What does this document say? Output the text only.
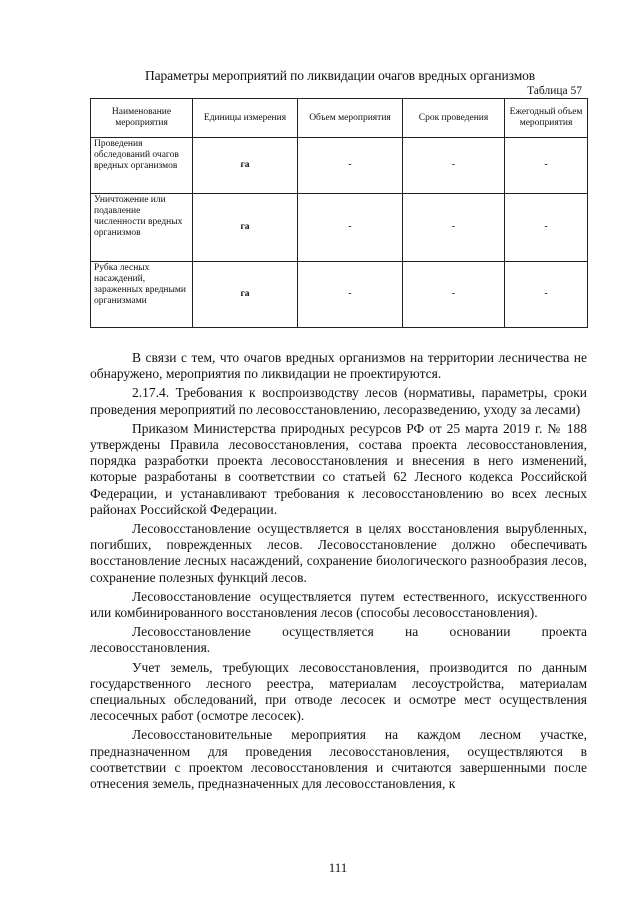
Параметры мероприятий по ликвидации очагов вредных организмов
Таблица 57
Наименование мероприятия	Единицы измерения	Объем мероприятия	Срок проведения	Ежегодный объем мероприятия
Проведения обследований очагов вредных организмов	га	-	-	-
Уничтожение или подавление численности вредных организмов	га	-	-	-
Рубка лесных насаждений, зараженных вредными организмами	га	-	-	-

В связи с тем, что очагов вредных организмов на территории лесничества не обнаружено, мероприятия по ликвидации не проектируются.

2.17.4. Требования к воспроизводству лесов (нормативы, параметры, сроки проведения мероприятий по лесовосстановлению, лесоразведению, уходу за лесами)

Приказом Министерства природных ресурсов РФ от 25 марта 2019 г. № 188 утверждены Правила лесовосстановления, состава проекта лесовосстановления, порядка разработки проекта лесовосстановления и внесения в него изменений, которые разработаны в соответствии со статьей 62 Лесного кодекса Российской Федерации, и устанавливают требования к лесовосстановлению во всех лесных районах Российской Федерации.

Лесовосстановление осуществляется в целях восстановления вырубленных, погибших, поврежденных лесов. Лесовосстановление должно обеспечивать восстановление лесных насаждений, сохранение биологического разнообразия лесов, сохранение полезных функций лесов.

Лесовосстановление осуществляется путем естественного, искусственного или комбинированного восстановления лесов (способы лесовосстановления).

Лесовосстановление осуществляется на основании проекта лесовосстановления.

Учет земель, требующих лесовосстановления, производится по данным государственного лесного реестра, материалам лесоустройства, материалам специальных обследований, при отводе лесосек и осмотре мест осуществления лесосечных работ (осмотре лесосек).

Лесовосстановительные мероприятия на каждом лесном участке, предназначенном для проведения лесовосстановления, осуществляются в соответствии с проектом лесовосстановления и считаются завершенными после отнесения земель, предназначенных для лесовосстановления, к

111
